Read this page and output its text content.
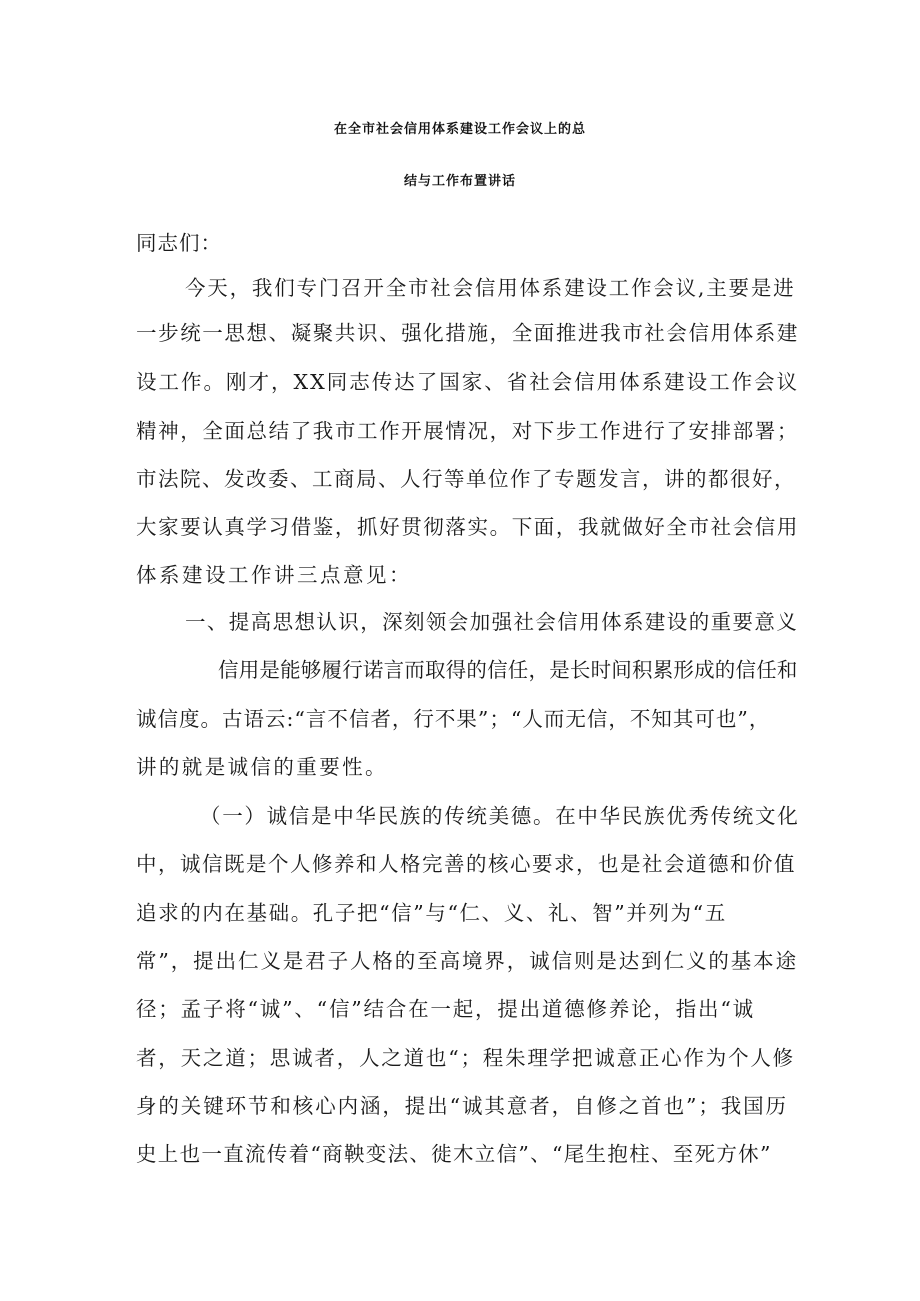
在全市社会信用体系建设工作会议上的总
结与工作布置讲话
同志们：
今天，我们专门召开全市社会信用体系建设工作会议,主要是进
一步统一思想、凝聚共识、强化措施，全面推进我市社会信用体系建
设工作。刚才，XX同志传达了国家、省社会信用体系建设工作会议
精神，全面总结了我市工作开展情况，对下步工作进行了安排部署；
市法院、发改委、工商局、人行等单位作了专题发言，讲的都很好，
大家要认真学习借鉴，抓好贯彻落实。下面，我就做好全市社会信用
体系建设工作讲三点意见：
一、提高思想认识，深刻领会加强社会信用体系建设的重要意义
信用是能够履行诺言而取得的信任，是长时间积累形成的信任和
诚信度。古语云:“言不信者，行不果”；“人而无信，不知其可也”，
讲的就是诚信的重要性。
（一）诚信是中华民族的传统美德。在中华民族优秀传统文化
中，诚信既是个人修养和人格完善的核心要求，也是社会道德和价值
追求的内在基础。孔子把“信”与“仁、义、礼、智”并列为“五
常”，提出仁义是君子人格的至高境界，诚信则是达到仁义的基本途
径；孟子将“诚”、“信”结合在一起，提出道德修养论，指出“诚
者，天之道；思诚者，人之道也“；程朱理学把诚意正心作为个人修
身的关键环节和核心内涵，提出“诚其意者，自修之首也”；我国历
史上也一直流传着“商鞅变法、徙木立信”、“尾生抱柱、至死方休”
